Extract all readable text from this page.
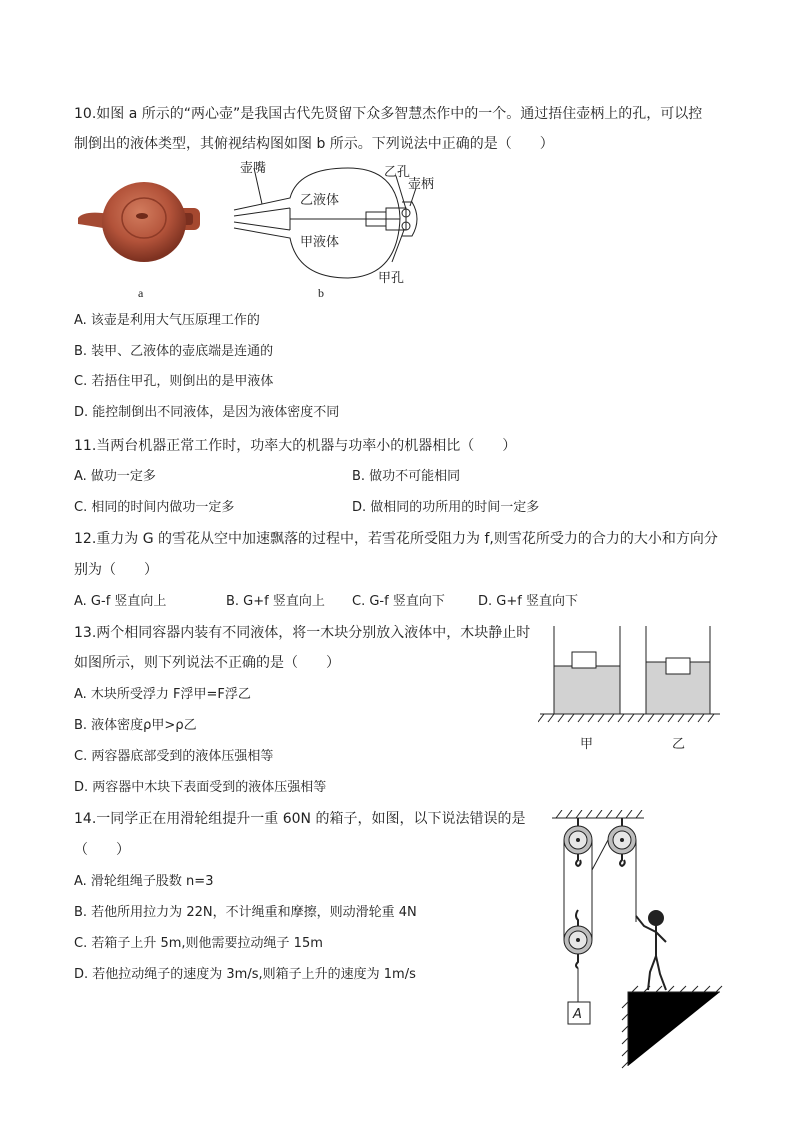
10.如图 a 所示的“两心壶”是我国古代先贤留下众多智慧杰作中的一个。通过捂住壶柄上的孔，可以控
制倒出的液体类型，其俯视结构图如图 b 所示。下列说法中正确的是（　　）
a
壶嘴	乙孔
壶柄
乙液体
甲液体
甲孔
b
A. 该壶是利用大气压原理工作的
B. 装甲、乙液体的壶底端是连通的
C. 若捂住甲孔，则倒出的是甲液体
D. 能控制倒出不同液体，是因为液体密度不同
11.当两台机器正常工作时，功率大的机器与功率小的机器相比（　　）
A. 做功一定多	B. 做功不可能相同
C. 相同的时间内做功一定多	D. 做相同的功所用的时间一定多
12.重力为 G 的雪花从空中加速飘落的过程中，若雪花所受阻力为 f,则雪花所受力的合力的大小和方向分
别为（　　）
A. G-f 竖直向上	B. G+f 竖直向上 C. G-f 竖直向下	D. G+f 竖直向下
13.两个相同容器内装有不同液体，将一木块分别放入液体中，木块静止时
如图所示，则下列说法不正确的是（　　）
A. 木块所受浮力 F浮甲=F浮乙
B. 液体密度ρ甲>ρ乙
C. 两容器底部受到的液体压强相等
D. 两容器中木块下表面受到的液体压强相等
甲	乙
14.一同学正在用滑轮组提升一重 60N 的箱子，如图，以下说法错误的是
（　　）
A. 滑轮组绳子股数 n=3
B. 若他所用拉力为 22N，不计绳重和摩擦，则动滑轮重 4N
C. 若箱子上升 5m,则他需要拉动绳子 15m
D. 若他拉动绳子的速度为 3m/s,则箱子上升的速度为 1m/s
A
